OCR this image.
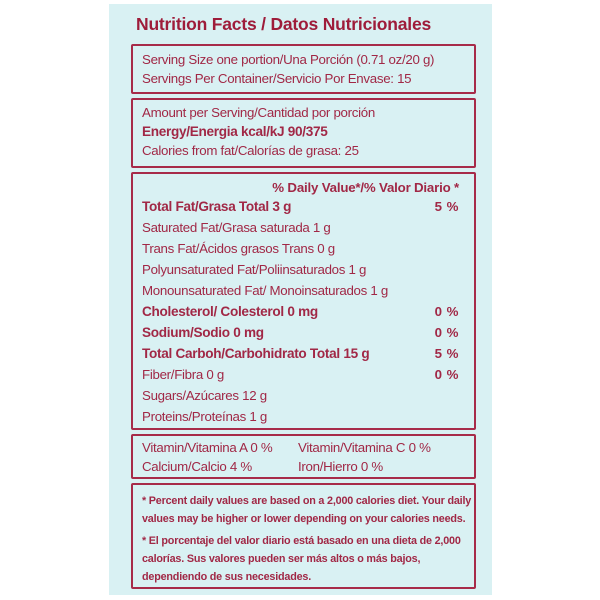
Nutrition Facts / Datos Nutricionales
Serving Size one portion/Una Porción (0.71 oz/20 g)
Servings Per Container/Servicio Por Envase: 15
Amount per Serving/Cantidad por porción
Energy/Energia kcal/kJ 90/375
Calories from fat/Calorías de grasa: 25
% Daily Value*/% Valor Diario *
Total Fat/Grasa Total 3 g	5 %
Saturated Fat/Grasa saturada 1 g
Trans Fat/Ácidos grasos Trans 0 g
Polyunsaturated Fat/Poliinsaturados 1 g
Monounsaturated Fat/ Monoinsaturados 1 g
Cholesterol/ Colesterol 0 mg	0 %
Sodium/Sodio 0 mg	0 %
Total Carboh/Carbohidrato Total 15 g	5 %
Fiber/Fibra 0 g	0 %
Sugars/Azúcares 12 g
Proteins/Proteínas 1 g
Vitamin/Vitamina A 0 % Vitamin/Vitamina C 0 %
Calcium/Calcio 4 %	Iron/Hierro 0 %
* Percent daily values are based on a 2,000 calories diet. Your daily
values may be higher or lower depending on your calories needs.
* El porcentaje del valor diario está basado en una dieta de 2,000
calorías. Sus valores pueden ser más altos o más bajos,
dependiendo de sus necesidades.
